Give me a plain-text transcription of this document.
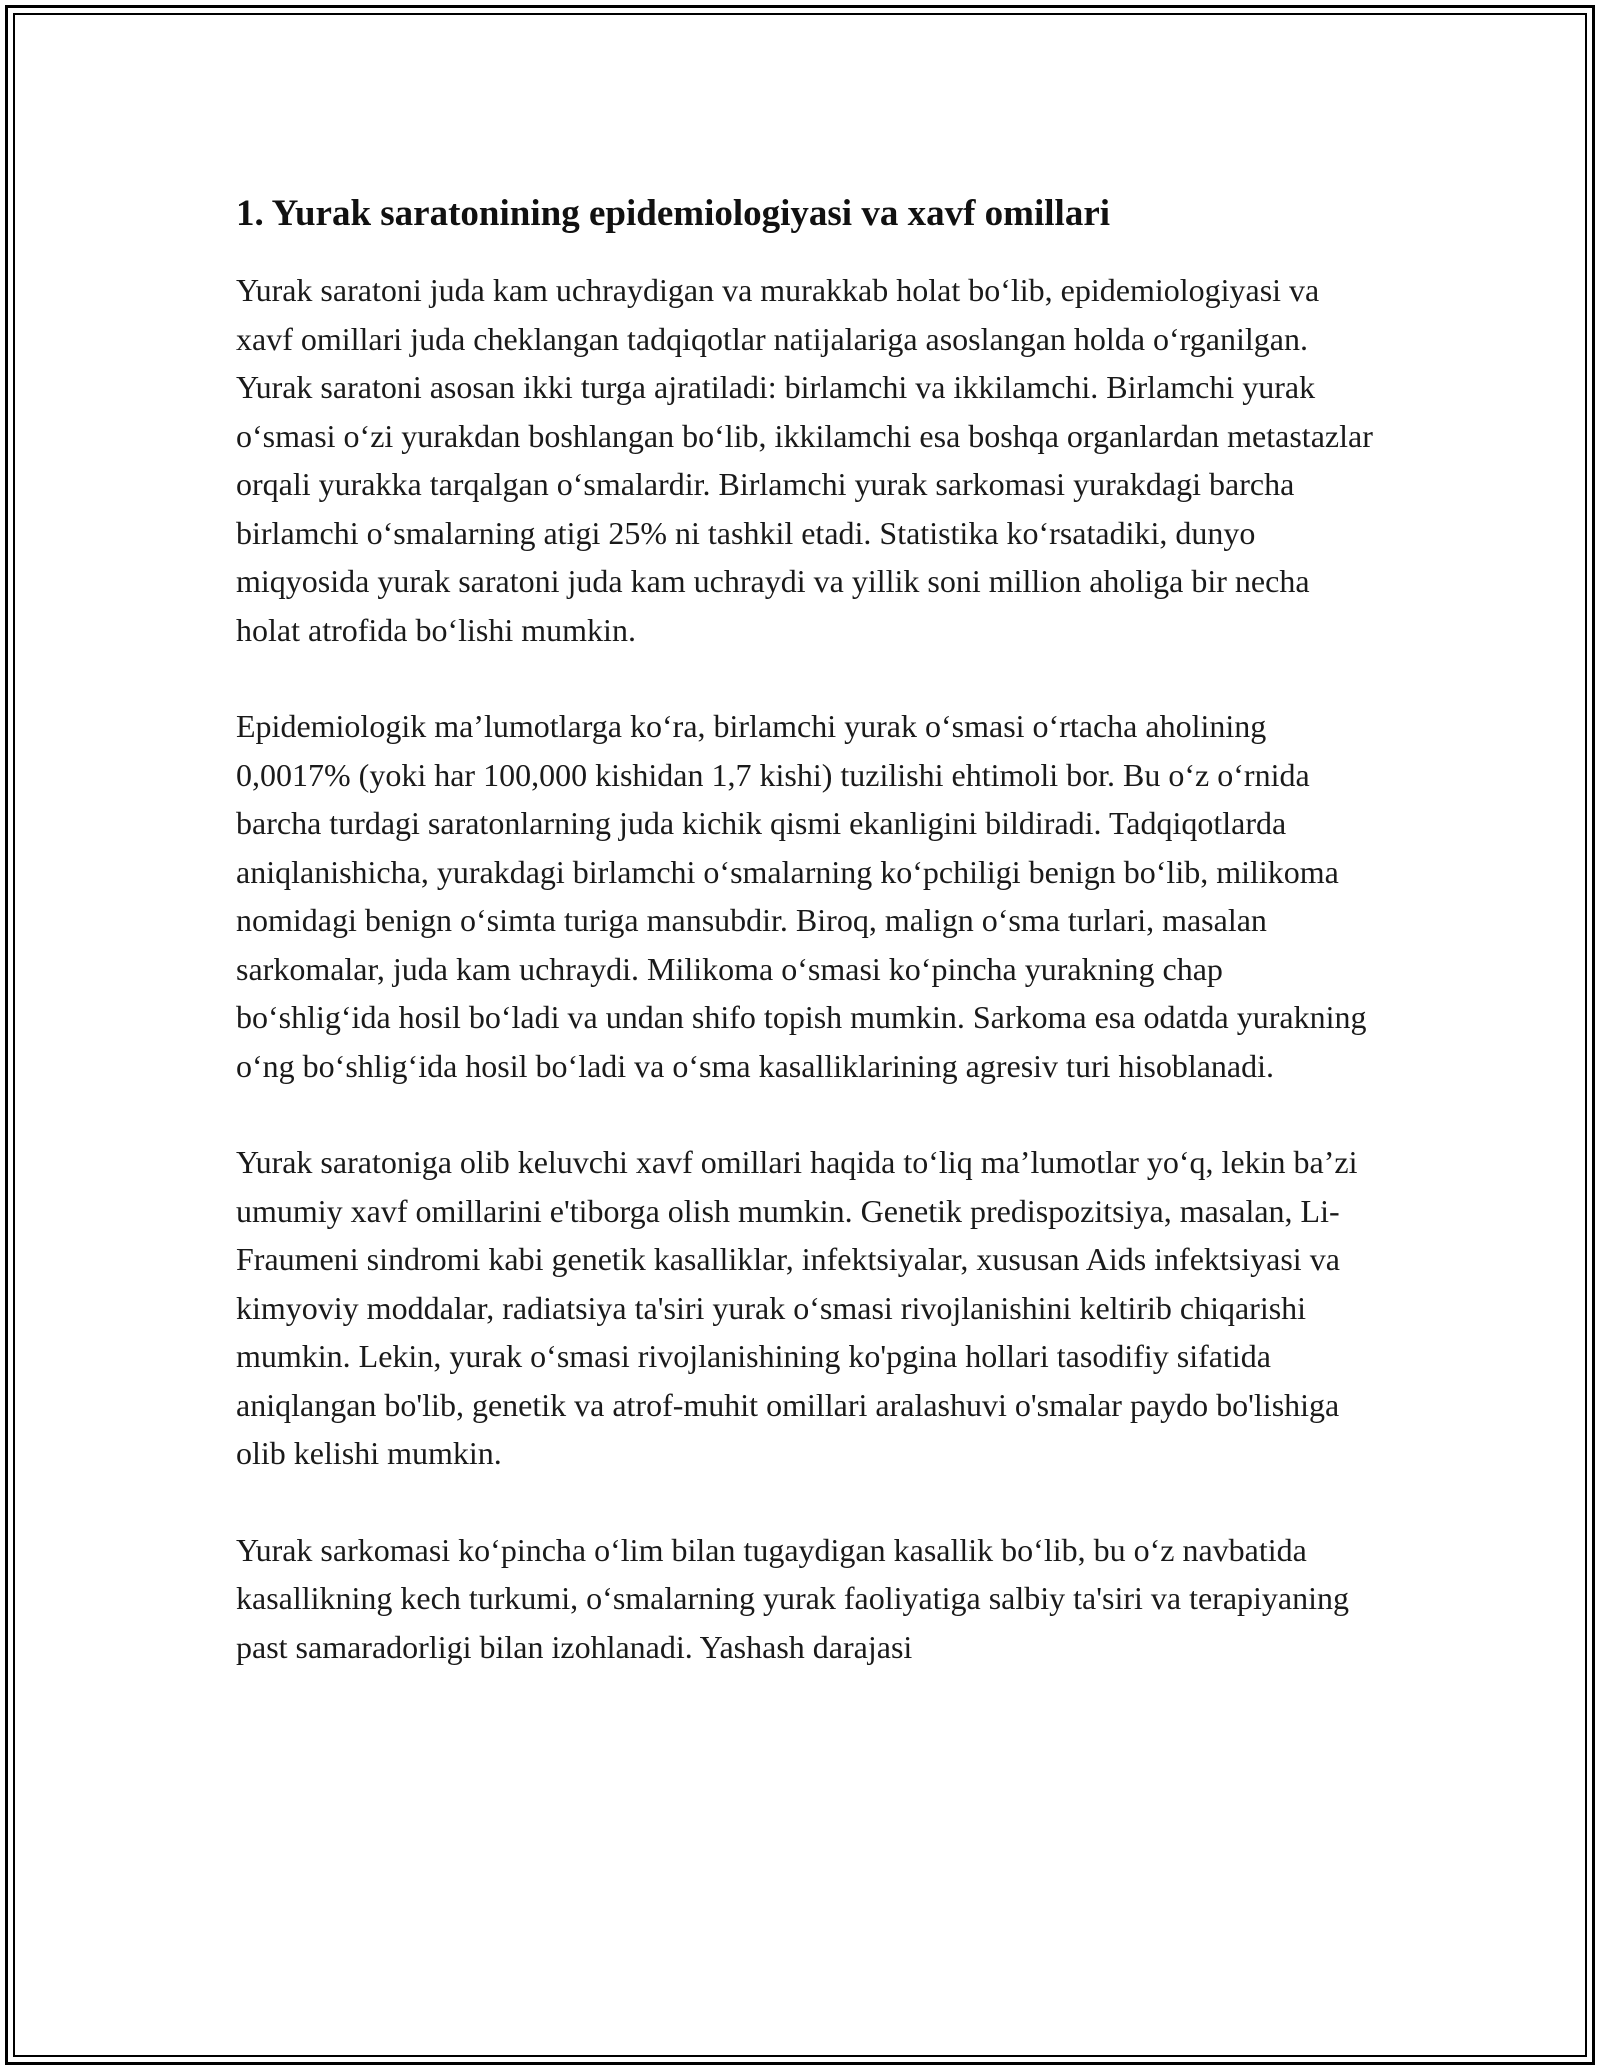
1. Yurak saratonining epidemiologiyasi va xavf omillari

Yurak saratoni juda kam uchraydigan va murakkab holat boʻlib, epidemiologiyasi va xavf omillari juda cheklangan tadqiqotlar natijalariga asoslangan holda oʻrganilgan. Yurak saratoni asosan ikki turga ajratiladi: birlamchi va ikkilamchi. Birlamchi yurak oʻsmasi oʻzi yurakdan boshlangan boʻlib, ikkilamchi esa boshqa organlardan metastazlar orqali yurakka tarqalgan oʻsmalardir. Birlamchi yurak sarkomasi yurakdagi barcha birlamchi oʻsmalarning atigi 25% ni tashkil etadi. Statistika koʻrsatadiki, dunyo miqyosida yurak saratoni juda kam uchraydi va yillik soni million aholiga bir necha holat atrofida boʻlishi mumkin.

Epidemiologik maʼlumotlarga koʻra, birlamchi yurak oʻsmasi oʻrtacha aholining 0,0017% (yoki har 100,000 kishidan 1,7 kishi) tuzilishi ehtimoli bor. Bu oʻz oʻrnida barcha turdagi saratonlarning juda kichik qismi ekanligini bildiradi. Tadqiqotlarda aniqlanishicha, yurakdagi birlamchi oʻsmalarning koʻpchiligi benign boʻlib, milikoma nomidagi benign oʻsimta turiga mansubdir. Biroq, malign oʻsma turlari, masalan sarkomalar, juda kam uchraydi. Milikoma oʻsmasi koʻpincha yurakning chap boʻshligʻida hosil boʻladi va undan shifo topish mumkin. Sarkoma esa odatda yurakning oʻng boʻshligʻida hosil boʻladi va oʻsma kasalliklarining agresiv turi hisoblanadi.

Yurak saratoniga olib keluvchi xavf omillari haqida toʻliq maʼlumotlar yoʻq, lekin baʼzi umumiy xavf omillarini e'tiborga olish mumkin. Genetik predispozitsiya, masalan, Li-Fraumeni sindromi kabi genetik kasalliklar, infektsiyalar, xususan Aids infektsiyasi va kimyoviy moddalar, radiatsiya ta'siri yurak oʻsmasi rivojlanishini keltirib chiqarishi mumkin. Lekin, yurak oʻsmasi rivojlanishining ko'pgina hollari tasodifiy sifatida aniqlangan bo'lib, genetik va atrof-muhit omillari aralashuvi o'smalar paydo bo'lishiga olib kelishi mumkin.

Yurak sarkomasi koʻpincha oʻlim bilan tugaydigan kasallik boʻlib, bu oʻz navbatida kasallikning kech turkumi, oʻsmalarning yurak faoliyatiga salbiy ta'siri va terapiyaning past samaradorligi bilan izohlanadi. Yashash darajasi
